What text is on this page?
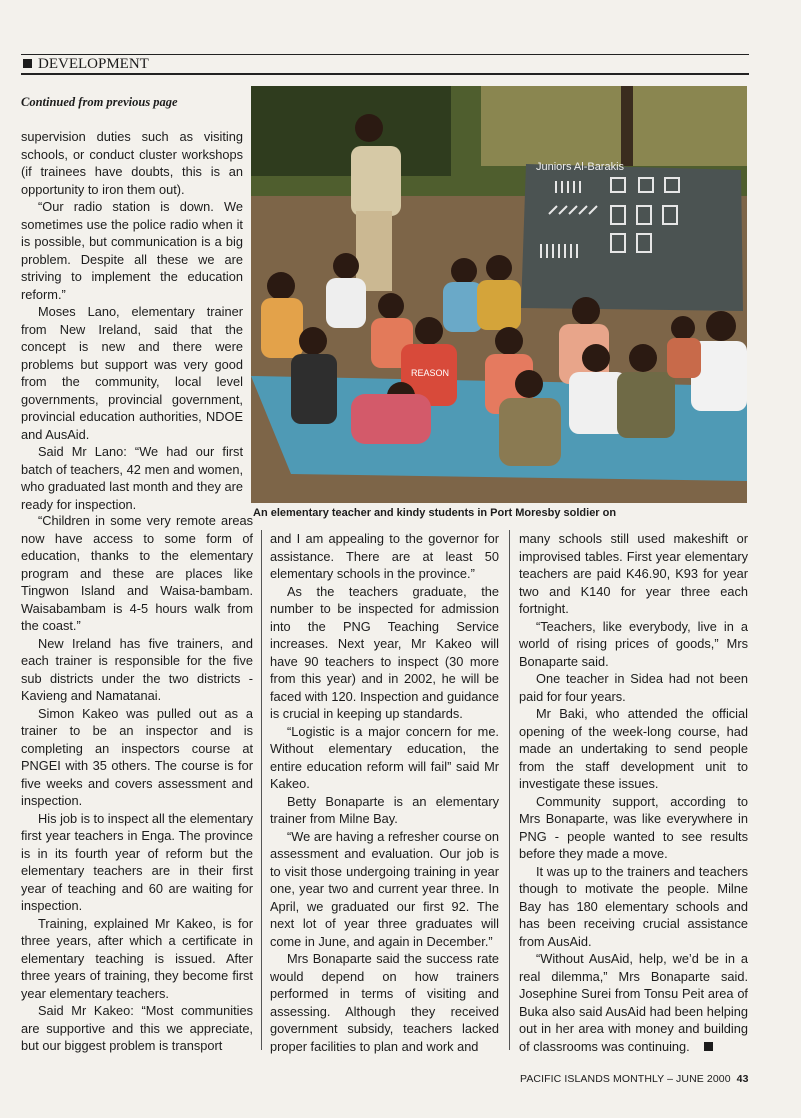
DEVELOPMENT
Continued from previous page
Juniors Al-Barakis
REASON
An elementary teacher and kindy students in Port Moresby soldier on

supervision duties such as visiting schools, or conduct cluster workshops (if trainees have doubts, this is an opportunity to iron them out).

“Our radio station is down. We sometimes use the police radio when it is possible, but communication is a big problem. Despite all these we are striving to implement the education reform.”

Moses Lano, elementary trainer from New Ireland, said that the concept is new and there were problems but support was very good from the community, local level governments, provincial government, provincial education authorities, NDOE and AusAid.

Said Mr Lano: “We had our first batch of teachers, 42 men and women, who graduated last month and they are ready for inspection.

“Children in some very remote areas now have access to some form of education, thanks to the elementary program and these are places like Tingwon Island and Waisa-bambam. Waisabambam is 4-5 hours walk from the coast.”

New Ireland has five trainers, and each trainer is responsible for the five sub districts under the two districts - Kavieng and Namatanai.

Simon Kakeo was pulled out as a trainer to be an inspector and is completing an inspectors course at PNGEI with 35 others. The course is for five weeks and covers assessment and inspection.

His job is to inspect all the elementary first year teachers in Enga. The province is in its fourth year of reform but the elementary teachers are in their first year of teaching and 60 are waiting for inspection.

Training, explained Mr Kakeo, is for three years, after which a certificate in elementary teaching is issued. After three years of training, they become first year elementary teachers.

Said Mr Kakeo: “Most communities are supportive and this we appreciate, but our biggest problem is transport

and I am appealing to the governor for assistance. There are at least 50 elementary schools in the province.”

As the teachers graduate, the number to be inspected for admission into the PNG Teaching Service increases. Next year, Mr Kakeo will have 90 teachers to inspect (30 more from this year) and in 2002, he will be faced with 120. Inspection and guidance is crucial in keeping up standards.

“Logistic is a major concern for me. Without elementary education, the entire education reform will fail” said Mr Kakeo.

Betty Bonaparte is an elementary trainer from Milne Bay.

“We are having a refresher course on assessment and evaluation. Our job is to visit those undergoing training in year one, year two and current year three. In April, we graduated our first 92. The next lot of year three graduates will come in June, and again in December.”

Mrs Bonaparte said the success rate would depend on how trainers performed in terms of visiting and assessing. Although they received government subsidy, teachers lacked proper facilities to plan and work and

many schools still used makeshift or improvised tables. First year elementary teachers are paid K46.90, K93 for year two and K140 for year three each fortnight.

“Teachers, like everybody, live in a world of rising prices of goods,” Mrs Bonaparte said.

One teacher in Sidea had not been paid for four years.

Mr Baki, who attended the official opening of the week-long course, had made an undertaking to send people from the staff development unit to investigate these issues.

Community support, according to Mrs Bonaparte, was like everywhere in PNG - people wanted to see results before they made a move.

It was up to the trainers and teachers though to motivate the people. Milne Bay has 180 elementary schools and has been receiving crucial assistance from AusAid.

“Without AusAid, help, we’d be in a real dilemma,” Mrs Bonaparte said. Josephine Surei from Tonsu Peit area of Buka also said AusAid had been helping out in her area with money and building of classrooms was continuing.

PACIFIC ISLANDS MONTHLY – JUNE 2000 43
